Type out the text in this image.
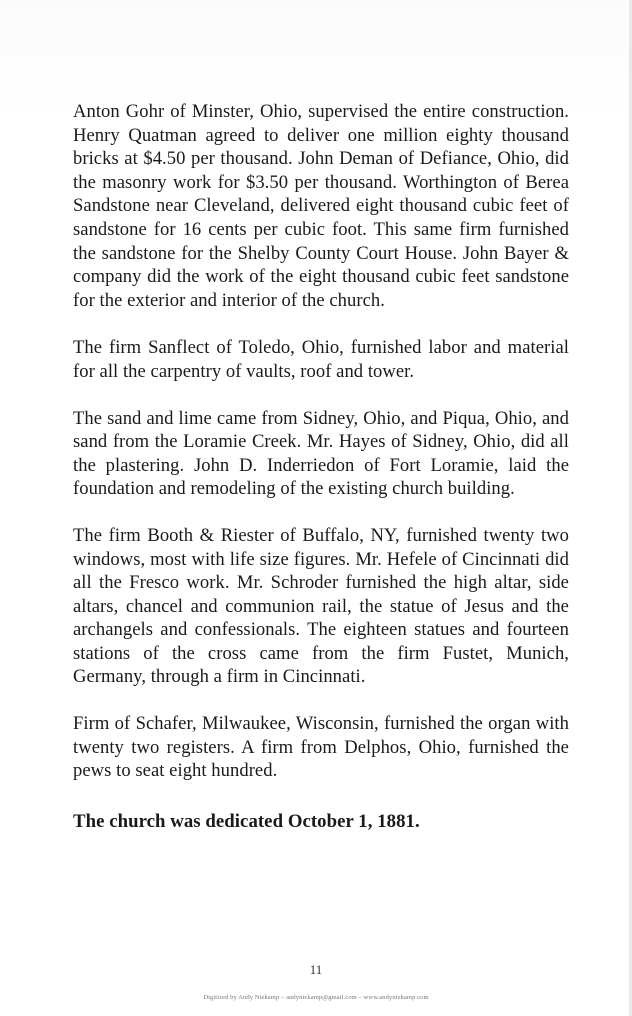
Anton Gohr of Minster, Ohio, supervised the entire construction. Henry Quatman agreed to deliver one million eighty thousand bricks at $4.50 per thousand. John Deman of Defiance, Ohio, did the masonry work for $3.50 per thousand. Worthington of Berea Sandstone near Cleveland, delivered eight thousand cubic feet of sandstone for 16 cents per cubic foot. This same firm furnished the sandstone for the Shelby County Court House. John Bayer & company did the work of the eight thousand cubic feet sandstone for the exterior and interior of the church.

The firm Sanflect of Toledo, Ohio, furnished labor and material for all the carpentry of vaults, roof and tower.

The sand and lime came from Sidney, Ohio, and Piqua, Ohio, and sand from the Loramie Creek. Mr. Hayes of Sidney, Ohio, did all the plastering. John D. Inderriedon of Fort Loramie, laid the foundation and remodeling of the existing church building.

The firm Booth & Riester of Buffalo, NY, furnished twenty two windows, most with life size figures. Mr. Hefele of Cincinnati did all the Fresco work. Mr. Schroder furnished the high altar, side altars, chancel and communion rail, the statue of Jesus and the archangels and confessionals. The eighteen statues and fourteen stations of the cross came from the firm Fustet, Munich, Germany, through a firm in Cincinnati.

Firm of Schafer, Milwaukee, Wisconsin, furnished the organ with twenty two registers. A firm from Delphos, Ohio, furnished the pews to seat eight hundred.

The church was dedicated October 1, 1881.

11
Digitized by Andy Niekamp – andyniekamp@gmail.com – www.andyniekamp.com
